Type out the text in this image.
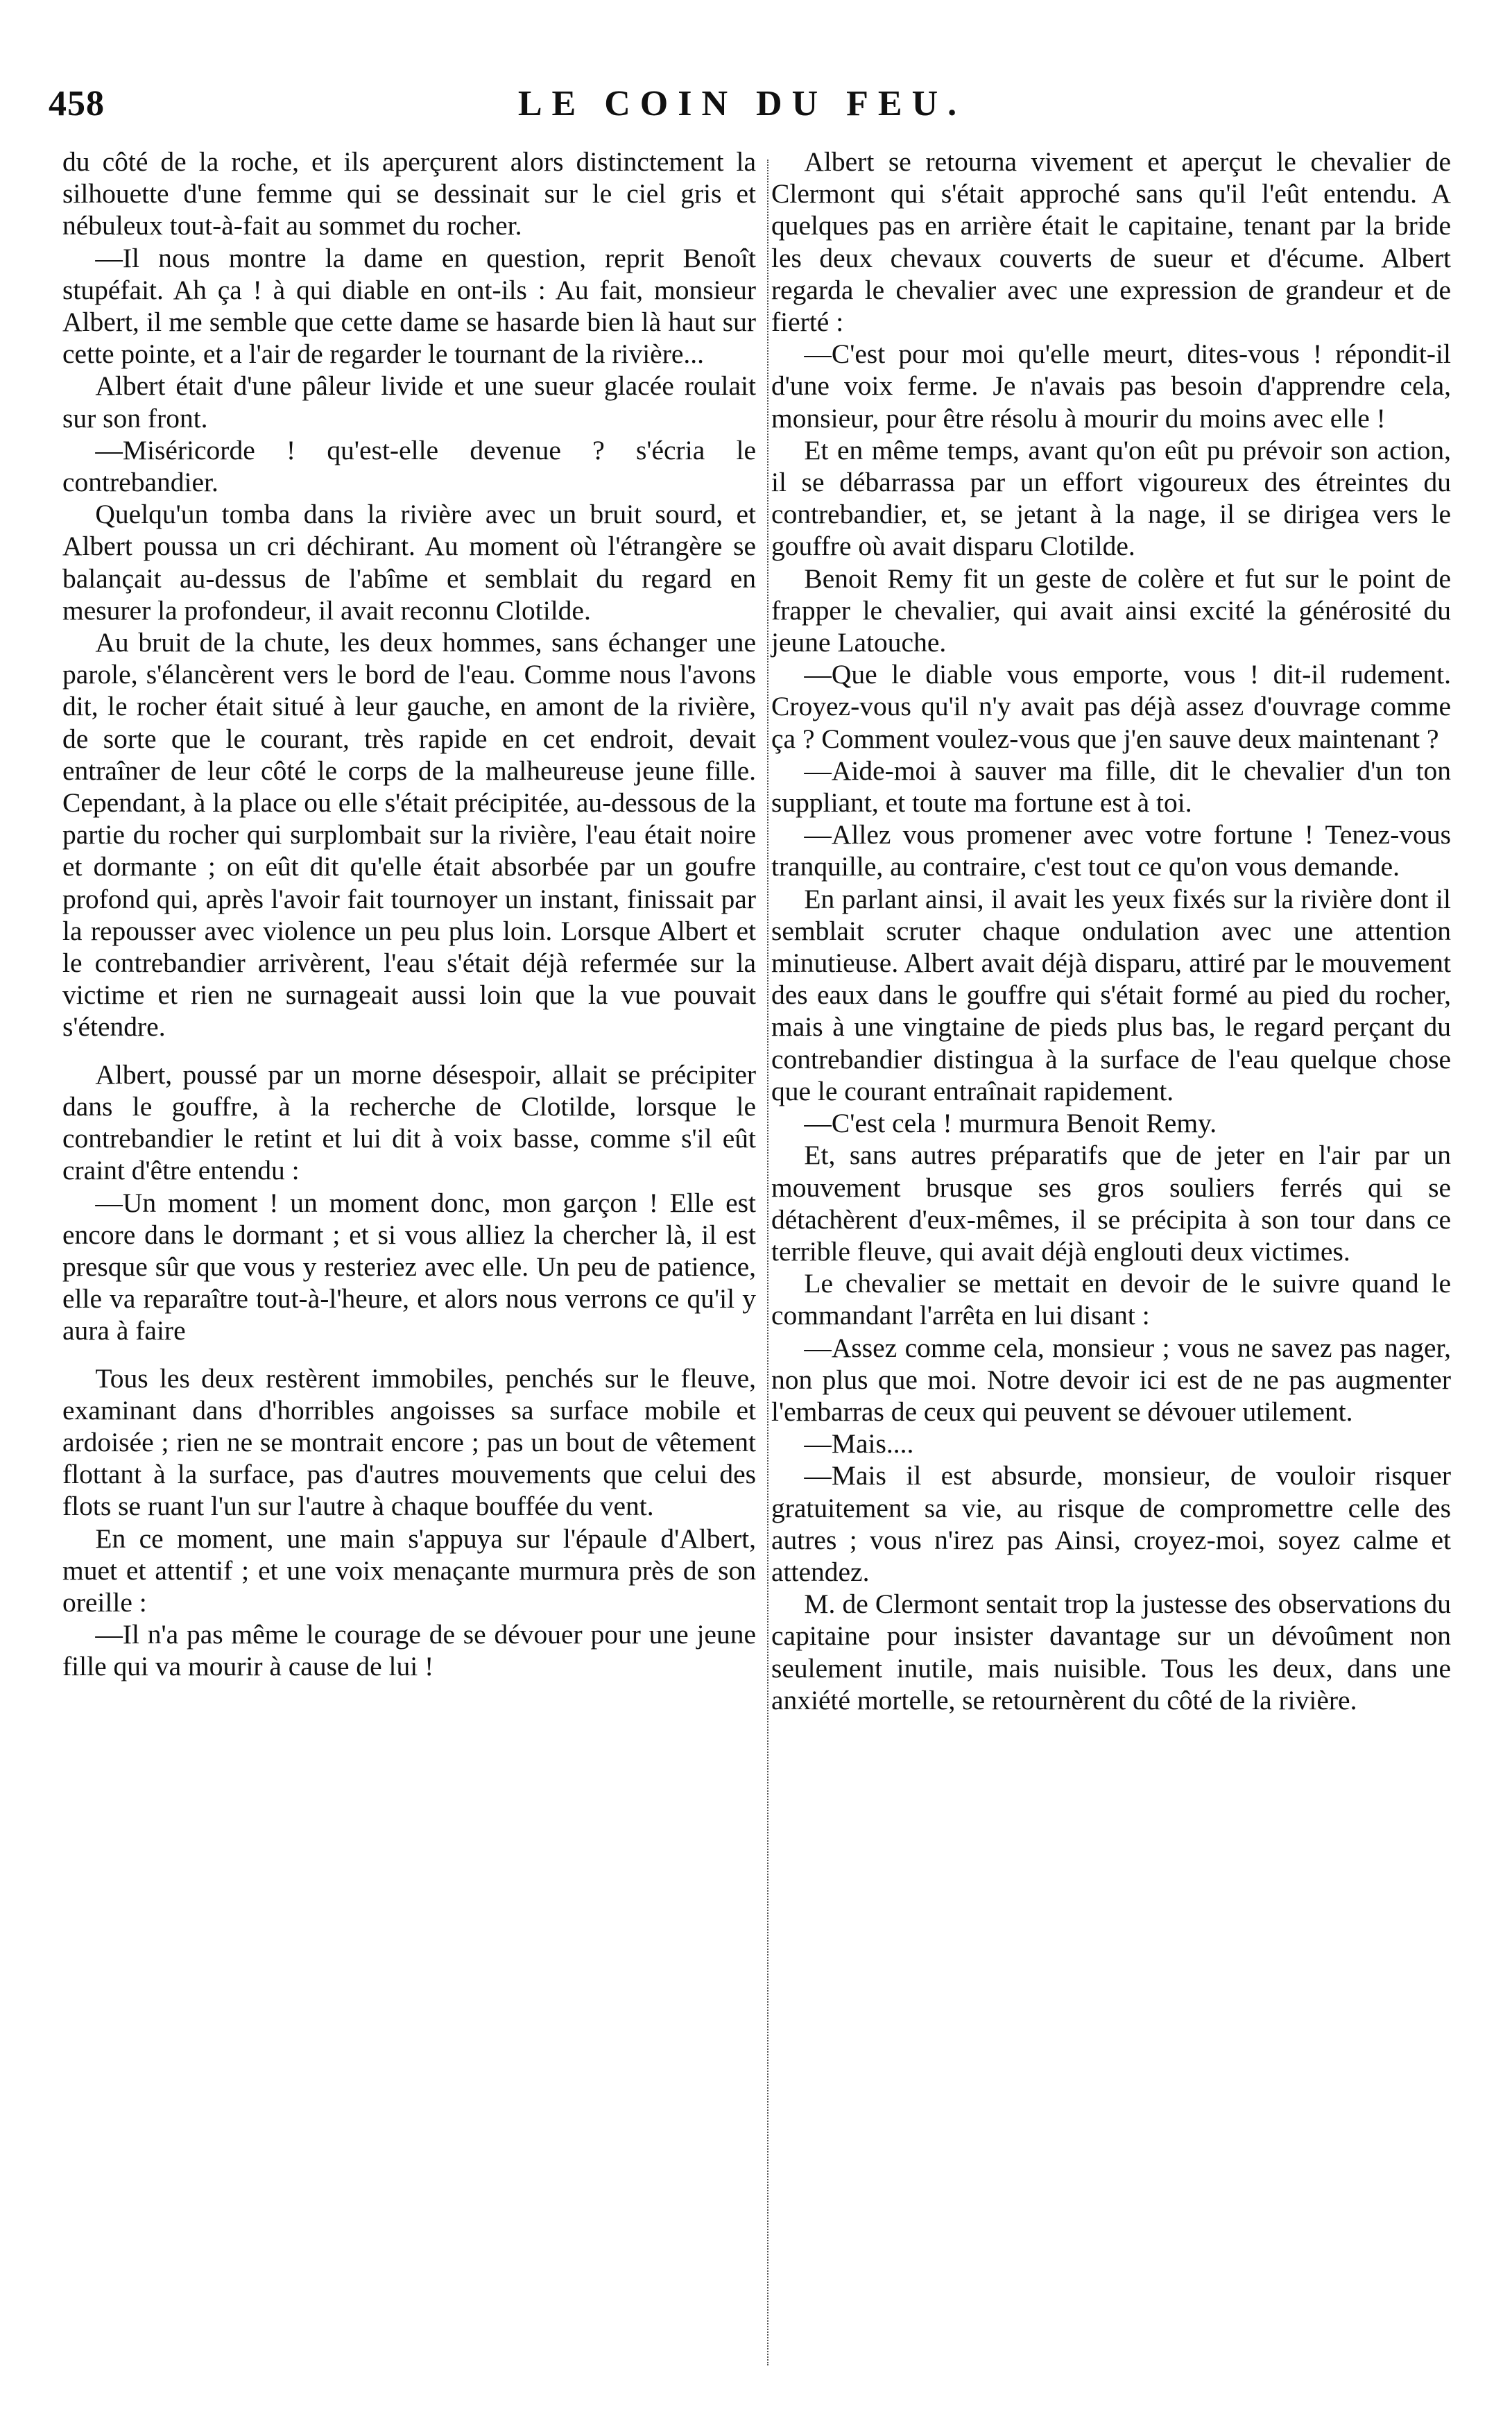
458	LE COIN DU FEU.

du côté de la roche, et ils aperçurent alors distinctement la silhouette d'une femme qui se dessinait sur le ciel gris et nébuleux tout-à-fait au sommet du rocher.

—Il nous montre la dame en question, reprit Benoît stupéfait. Ah ça ! à qui diable en ont-ils : Au fait, monsieur Albert, il me semble que cette dame se hasarde bien là haut sur cette pointe, et a l'air de regarder le tournant de la rivière...

Albert était d'une pâleur livide et une sueur glacée roulait sur son front.

—Miséricorde ! qu'est-elle devenue ? s'écria le contrebandier.

Quelqu'un tomba dans la rivière avec un bruit sourd, et Albert poussa un cri déchirant. Au moment où l'étrangère se balançait au-dessus de l'abîme et semblait du regard en mesurer la profondeur, il avait reconnu Clotilde.

Au bruit de la chute, les deux hommes, sans échanger une parole, s'élancèrent vers le bord de l'eau. Comme nous l'avons dit, le rocher était situé à leur gauche, en amont de la rivière, de sorte que le courant, très rapide en cet endroit, devait entraîner de leur côté le corps de la malheureuse jeune fille. Cependant, à la place ou elle s'était précipitée, au-dessous de la partie du rocher qui surplombait sur la rivière, l'eau était noire et dormante ; on eût dit qu'elle était absorbée par un goufre profond qui, après l'avoir fait tournoyer un instant, finissait par la repousser avec violence un peu plus loin. Lorsque Albert et le contrebandier arrivèrent, l'eau s'était déjà refermée sur la victime et rien ne surnageait aussi loin que la vue pouvait s'étendre.

Albert, poussé par un morne désespoir, allait se précipiter dans le gouffre, à la recherche de Clotilde, lorsque le contrebandier le retint et lui dit à voix basse, comme s'il eût craint d'être entendu :

—Un moment ! un moment donc, mon garçon ! Elle est encore dans le dormant ; et si vous alliez la chercher là, il est presque sûr que vous y resteriez avec elle. Un peu de patience, elle va reparaître tout-à-l'heure, et alors nous verrons ce qu'il y aura à faire

Tous les deux restèrent immobiles, penchés sur le fleuve, examinant dans d'horribles angoisses sa surface mobile et ardoisée ; rien ne se montrait encore ; pas un bout de vêtement flottant à la surface, pas d'autres mouvements que celui des flots se ruant l'un sur l'autre à chaque bouffée du vent.

En ce moment, une main s'appuya sur l'épaule d'Albert, muet et attentif ; et une voix menaçante murmura près de son oreille :

—Il n'a pas même le courage de se dévouer pour une jeune fille qui va mourir à cause de lui !

Albert se retourna vivement et aperçut le chevalier de Clermont qui s'était approché sans qu'il l'eût entendu. A quelques pas en arrière était le capitaine, tenant par la bride les deux chevaux couverts de sueur et d'écume. Albert regarda le chevalier avec une expression de grandeur et de fierté :

—C'est pour moi qu'elle meurt, dites-vous ! répondit-il d'une voix ferme. Je n'avais pas besoin d'apprendre cela, monsieur, pour être résolu à mourir du moins avec elle !

Et en même temps, avant qu'on eût pu prévoir son action, il se débarrassa par un effort vigoureux des étreintes du contrebandier, et, se jetant à la nage, il se dirigea vers le gouffre où avait disparu Clotilde.

Benoit Remy fit un geste de colère et fut sur le point de frapper le chevalier, qui avait ainsi excité la générosité du jeune Latouche.

—Que le diable vous emporte, vous ! dit-il rudement. Croyez-vous qu'il n'y avait pas déjà assez d'ouvrage comme ça ? Comment voulez-vous que j'en sauve deux maintenant ?

—Aide-moi à sauver ma fille, dit le chevalier d'un ton suppliant, et toute ma fortune est à toi.

—Allez vous promener avec votre fortune ! Tenez-vous tranquille, au contraire, c'est tout ce qu'on vous demande.

En parlant ainsi, il avait les yeux fixés sur la rivière dont il semblait scruter chaque ondulation avec une attention minutieuse. Albert avait déjà disparu, attiré par le mouvement des eaux dans le gouffre qui s'était formé au pied du rocher, mais à une vingtaine de pieds plus bas, le regard perçant du contrebandier distingua à la surface de l'eau quelque chose que le courant entraînait rapidement.

—C'est cela ! murmura Benoit Remy.

Et, sans autres préparatifs que de jeter en l'air par un mouvement brusque ses gros souliers ferrés qui se détachèrent d'eux-mêmes, il se précipita à son tour dans ce terrible fleuve, qui avait déjà englouti deux victimes.

Le chevalier se mettait en devoir de le suivre quand le commandant l'arrêta en lui disant :

—Assez comme cela, monsieur ; vous ne savez pas nager, non plus que moi. Notre devoir ici est de ne pas augmenter l'embarras de ceux qui peuvent se dévouer utilement.

—Mais....

—Mais il est absurde, monsieur, de vouloir risquer gratuitement sa vie, au risque de compromettre celle des autres ; vous n'irez pas Ainsi, croyez-moi, soyez calme et attendez.

M. de Clermont sentait trop la justesse des observations du capitaine pour insister davantage sur un dévoûment non seulement inutile, mais nuisible. Tous les deux, dans une anxiété mortelle, se retournèrent du côté de la rivière.
